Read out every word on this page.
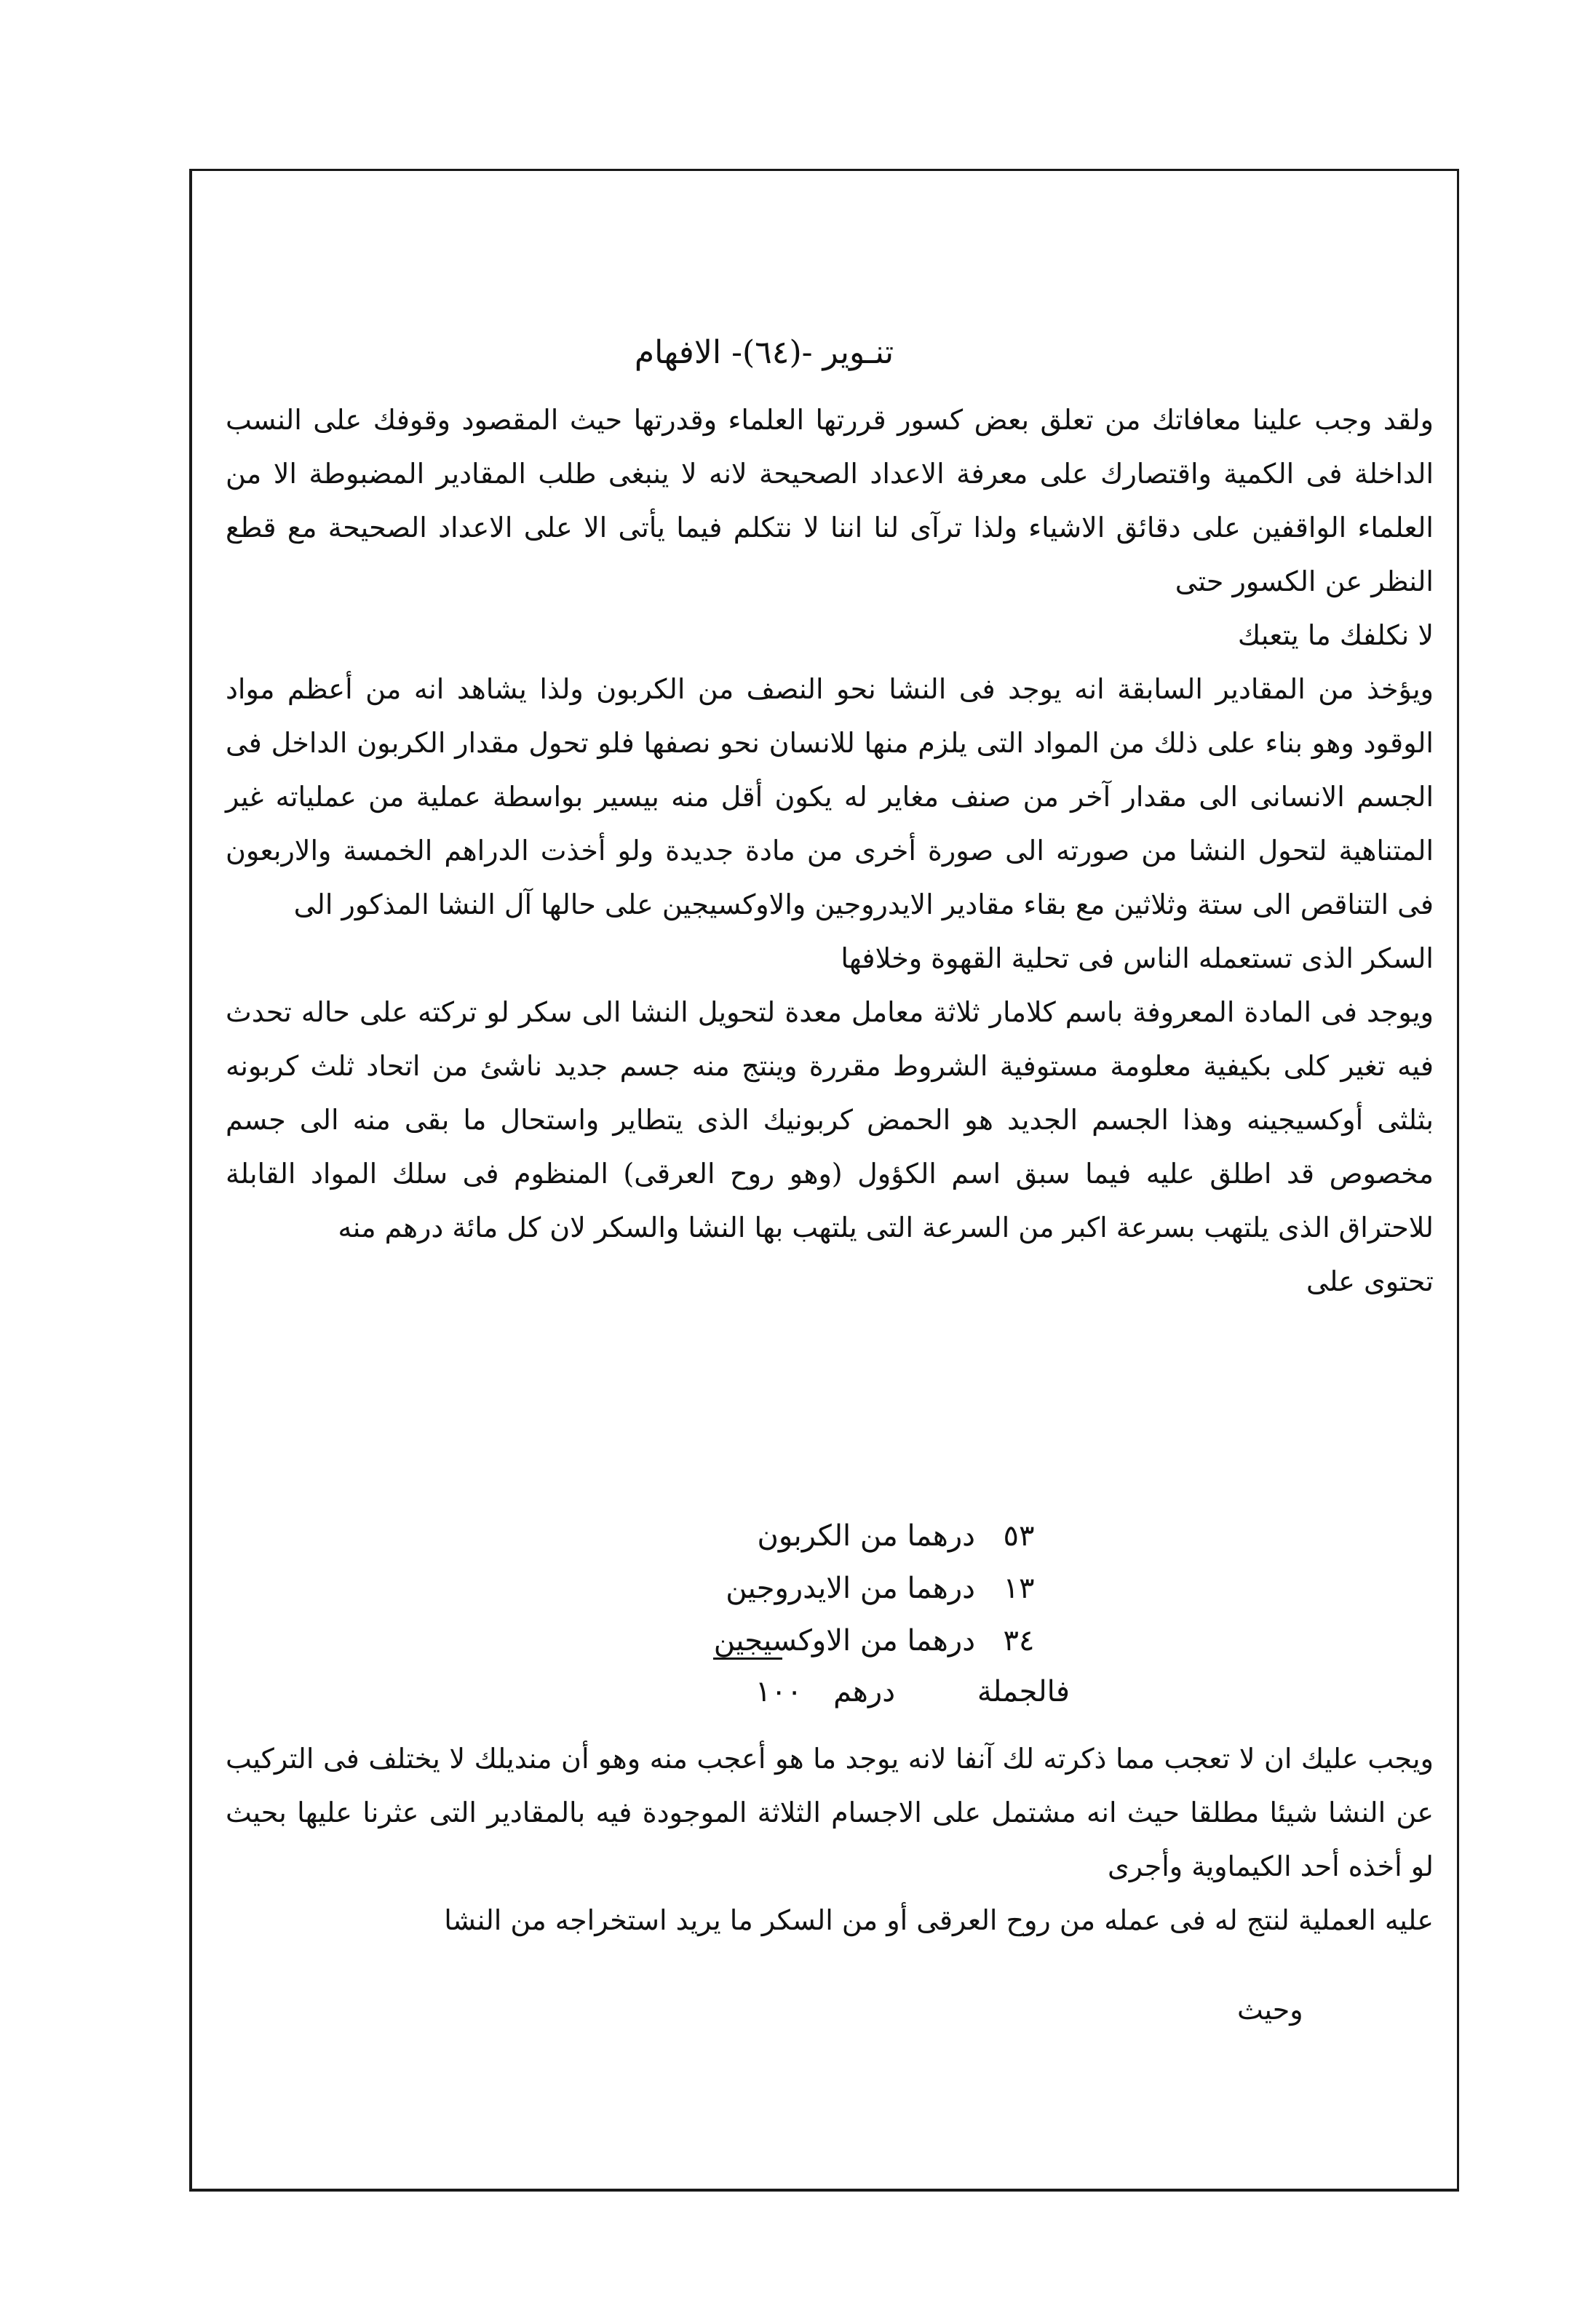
تنـوير -(٦٤)- الافهام

ولقد وجب علينا معافاتك من تعلق بعض كسور قررتها العلماء وقدرتها حيث المقصود وقوفك على النسب الداخلة فى الكمية واقتصارك على معرفة الاعداد الصحيحة لانه لا ينبغى طلب المقادير المضبوطة الا من العلماء الواقفين على دقائق الاشياء ولذا ترآى لنا اننا لا نتكلم فيما يأتى الا على الاعداد الصحيحة مع قطع النظر عن الكسور حتى

لا نكلفك ما يتعبك

ويؤخذ من المقادير السابقة انه يوجد فى النشا نحو النصف من الكربون ولذا يشاهد انه من أعظم مواد الوقود وهو بناء على ذلك من المواد التى يلزم منها للانسان نحو نصفها فلو تحول مقدار الكربون الداخل فى الجسم الانسانى الى مقدار آخر من صنف مغاير له يكون أقل منه بيسير بواسطة عملية من عملياته غير المتناهية لتحول النشا من صورته الى صورة أخرى من مادة جديدة ولو أخذت الدراهم الخمسة والاربعون فى التناقص الى ستة وثلاثين مع بقاء مقادير الايدروجين والاوكسيجين على حالها آل النشا المذكور الى

السكر الذى تستعمله الناس فى تحلية القهوة وخلافها

ويوجد فى المادة المعروفة باسم كلامار ثلاثة معامل معدة لتحويل النشا الى سكر لو تركته على حاله تحدث فيه تغير كلى بكيفية معلومة مستوفية الشروط مقررة وينتج منه جسم جديد ناشئ من اتحاد ثلث كربونه بثلثى أوكسيجينه وهذا الجسم الجديد هو الحمض كربونيك الذى يتطاير واستحال ما بقى منه الى جسم مخصوص قد اطلق عليه فيما سبق اسم الكؤول (وهو روح العرقى) المنظوم فى سلك المواد القابلة للاحتراق الذى يلتهب بسرعة اكبر من السرعة التى يلتهب بها النشا والسكر لان كل مائة درهم منه

تحتوى على

٥٣
درهما من الكربون
١٣
درهما من الايدروجين
٣٤
درهما من الاوكسيجين
فالجملة
درهم
١٠٠

ويجب عليك ان لا تعجب مما ذكرته لك آنفا لانه يوجد ما هو أعجب منه وهو أن منديلك لا يختلف فى التركيب عن النشا شيئا مطلقا حيث انه مشتمل على الاجسام الثلاثة الموجودة فيه بالمقادير التى عثرنا عليها بحيث لو أخذه أحد الكيماوية وأجرى

عليه العملية لنتج له فى عمله من روح العرقى أو من السكر ما يريد استخراجه من النشا

وحيث
